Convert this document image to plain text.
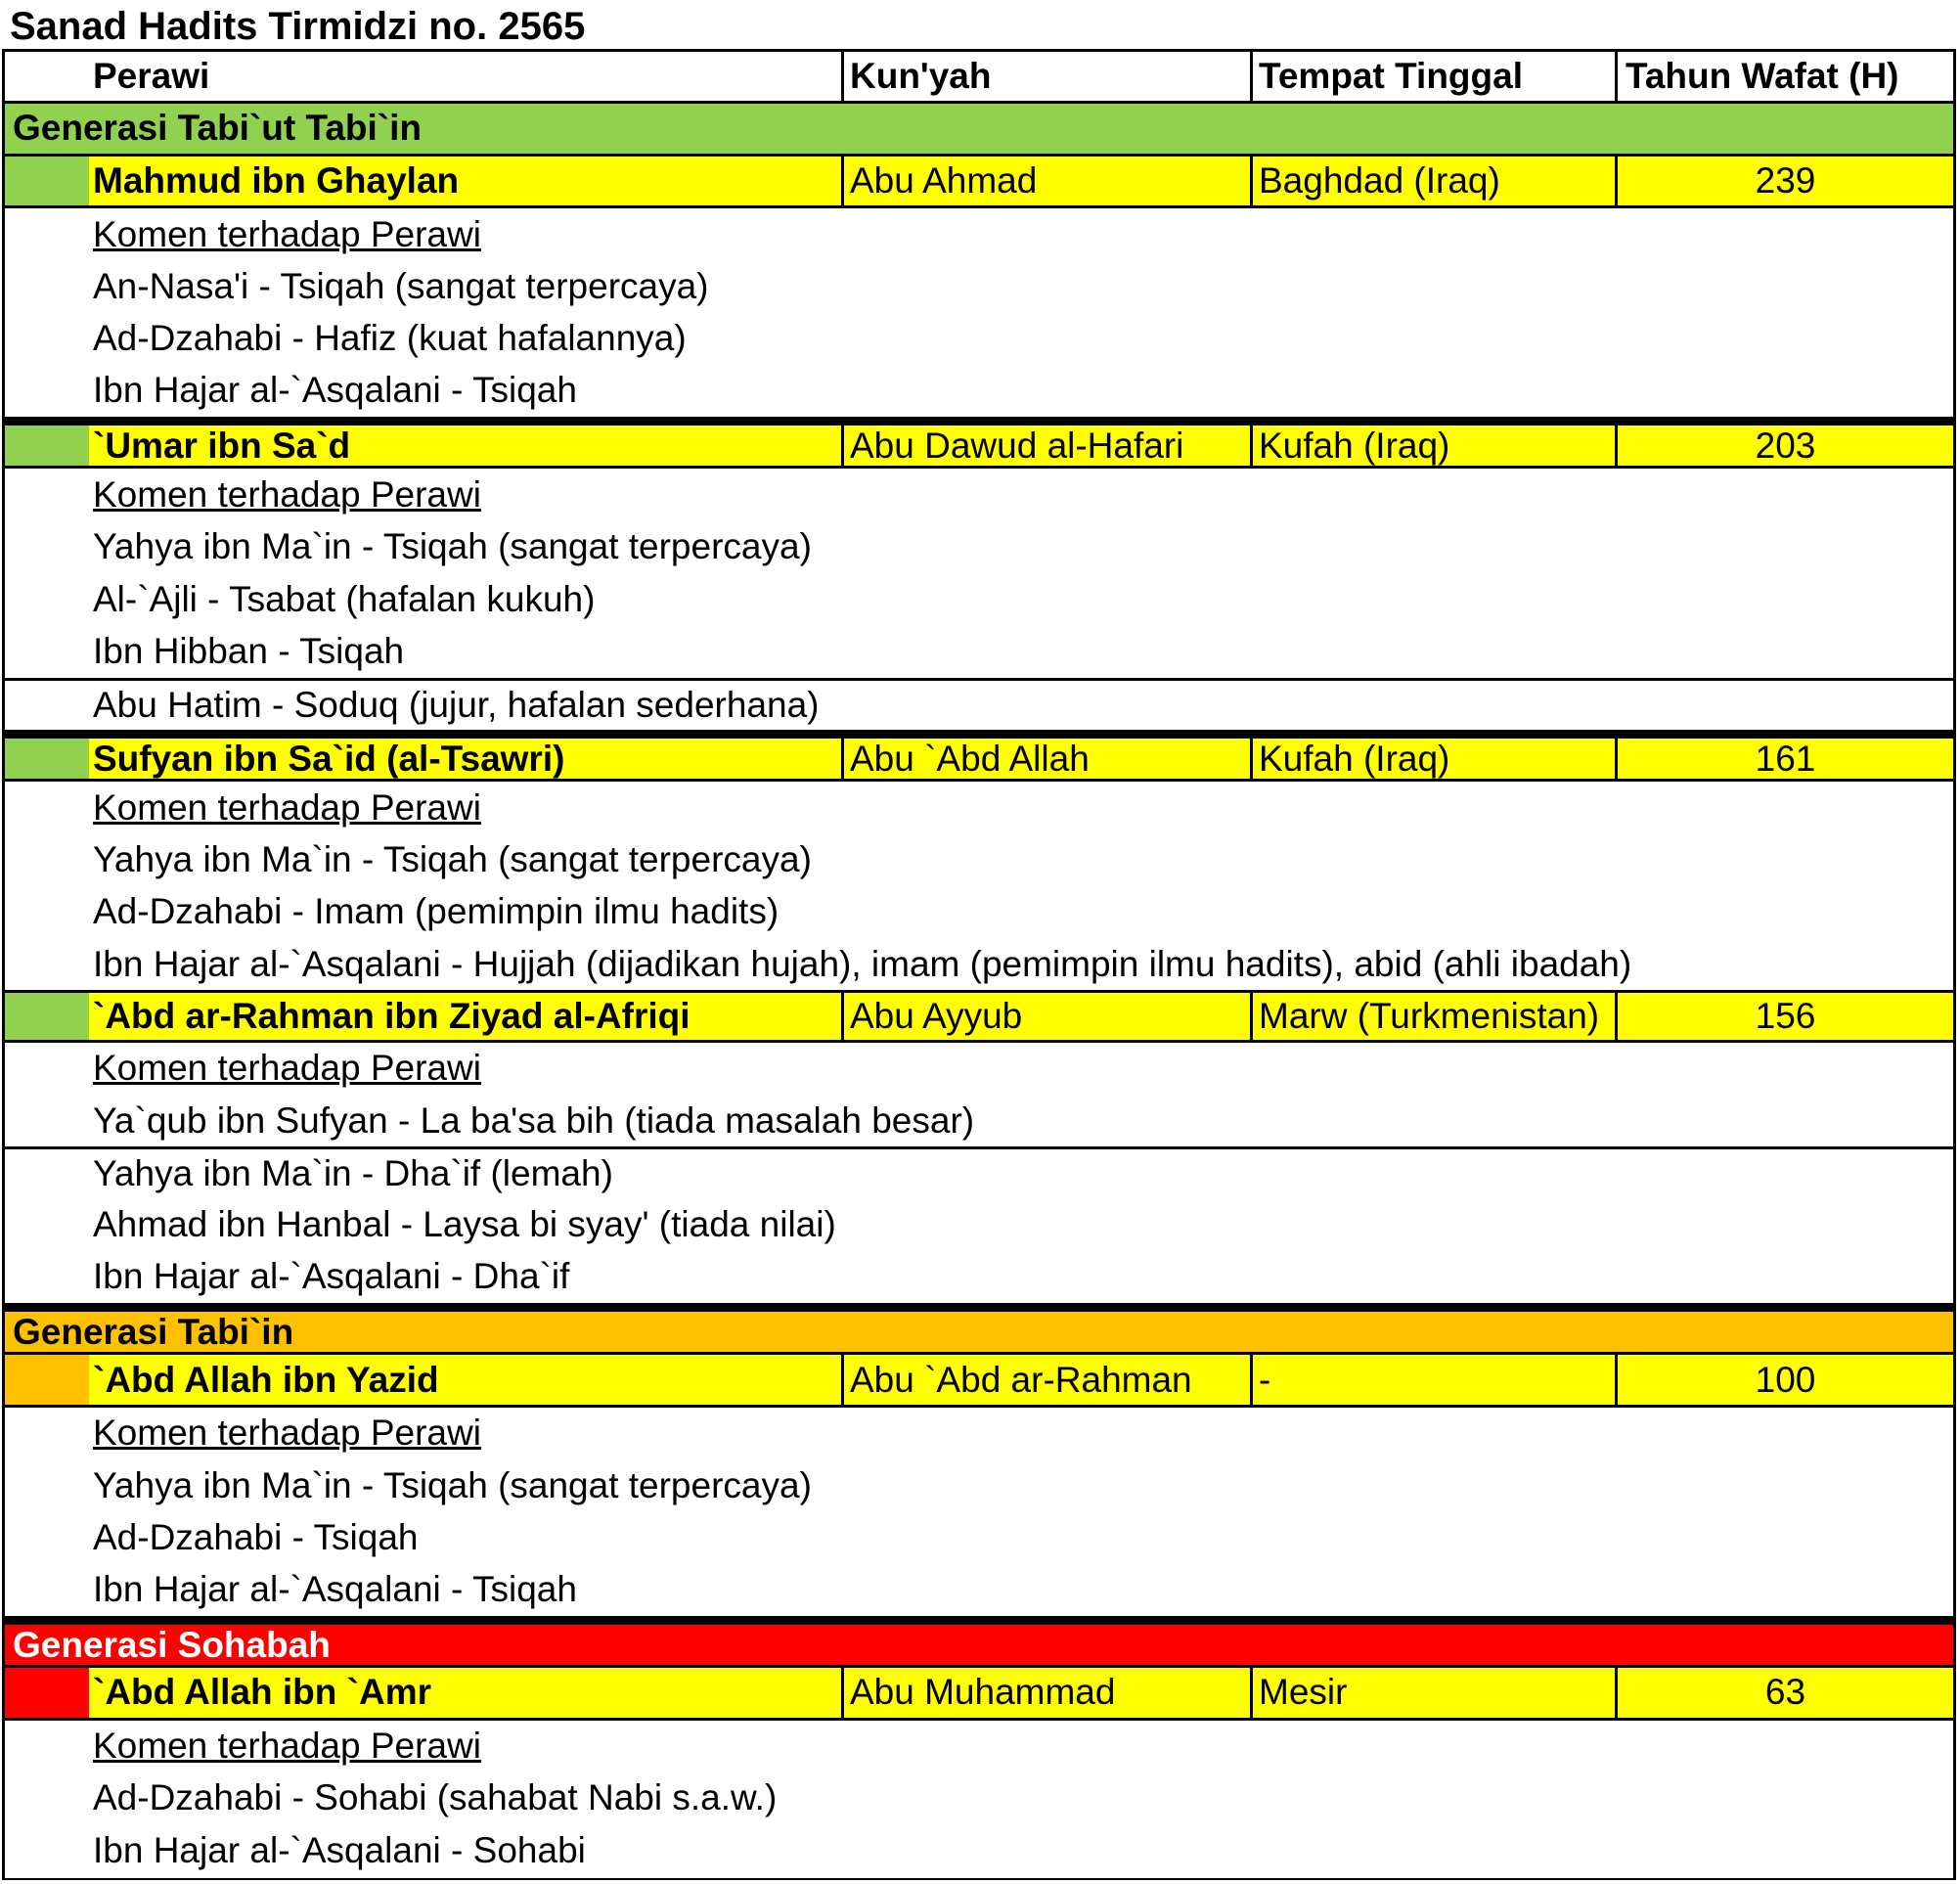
Sanad Hadits Tirmidzi no. 2565
Perawi	Kun'yah	Tempat Tinggal	Tahun Wafat (H)
Generasi Tabi`ut Tabi`in
Mahmud ibn Ghaylan	Abu Ahmad	Baghdad (Iraq)	239
Komen terhadap Perawi
An-Nasa'i - Tsiqah (sangat terpercaya)
Ad-Dzahabi - Hafiz (kuat hafalannya)
Ibn Hajar al-`Asqalani - Tsiqah
`Umar ibn Sa`d	Abu Dawud al-Hafari	Kufah (Iraq)	203
Komen terhadap Perawi
Yahya ibn Ma`in - Tsiqah (sangat terpercaya)
Al-`Ajli - Tsabat (hafalan kukuh)
Ibn Hibban - Tsiqah
Abu Hatim - Soduq (jujur, hafalan sederhana)
Sufyan ibn Sa`id (al-Tsawri)	Abu `Abd Allah	Kufah (Iraq)	161
Komen terhadap Perawi
Yahya ibn Ma`in - Tsiqah (sangat terpercaya)
Ad-Dzahabi - Imam (pemimpin ilmu hadits)
Ibn Hajar al-`Asqalani - Hujjah (dijadikan hujah), imam (pemimpin ilmu hadits), abid (ahli ibadah)
`Abd ar-Rahman ibn Ziyad al-Afriqi	Abu Ayyub	Marw (Turkmenistan)	156
Komen terhadap Perawi
Ya`qub ibn Sufyan - La ba'sa bih (tiada masalah besar)
Yahya ibn Ma`in - Dha`if (lemah)
Ahmad ibn Hanbal - Laysa bi syay' (tiada nilai)
Ibn Hajar al-`Asqalani - Dha`if
Generasi Tabi`in
`Abd Allah ibn Yazid	Abu `Abd ar-Rahman	-	100
Komen terhadap Perawi
Yahya ibn Ma`in - Tsiqah (sangat terpercaya)
Ad-Dzahabi - Tsiqah
Ibn Hajar al-`Asqalani - Tsiqah
Generasi Sohabah
`Abd Allah ibn `Amr	Abu Muhammad	Mesir	63
Komen terhadap Perawi
Ad-Dzahabi - Sohabi (sahabat Nabi s.a.w.)
Ibn Hajar al-`Asqalani - Sohabi
